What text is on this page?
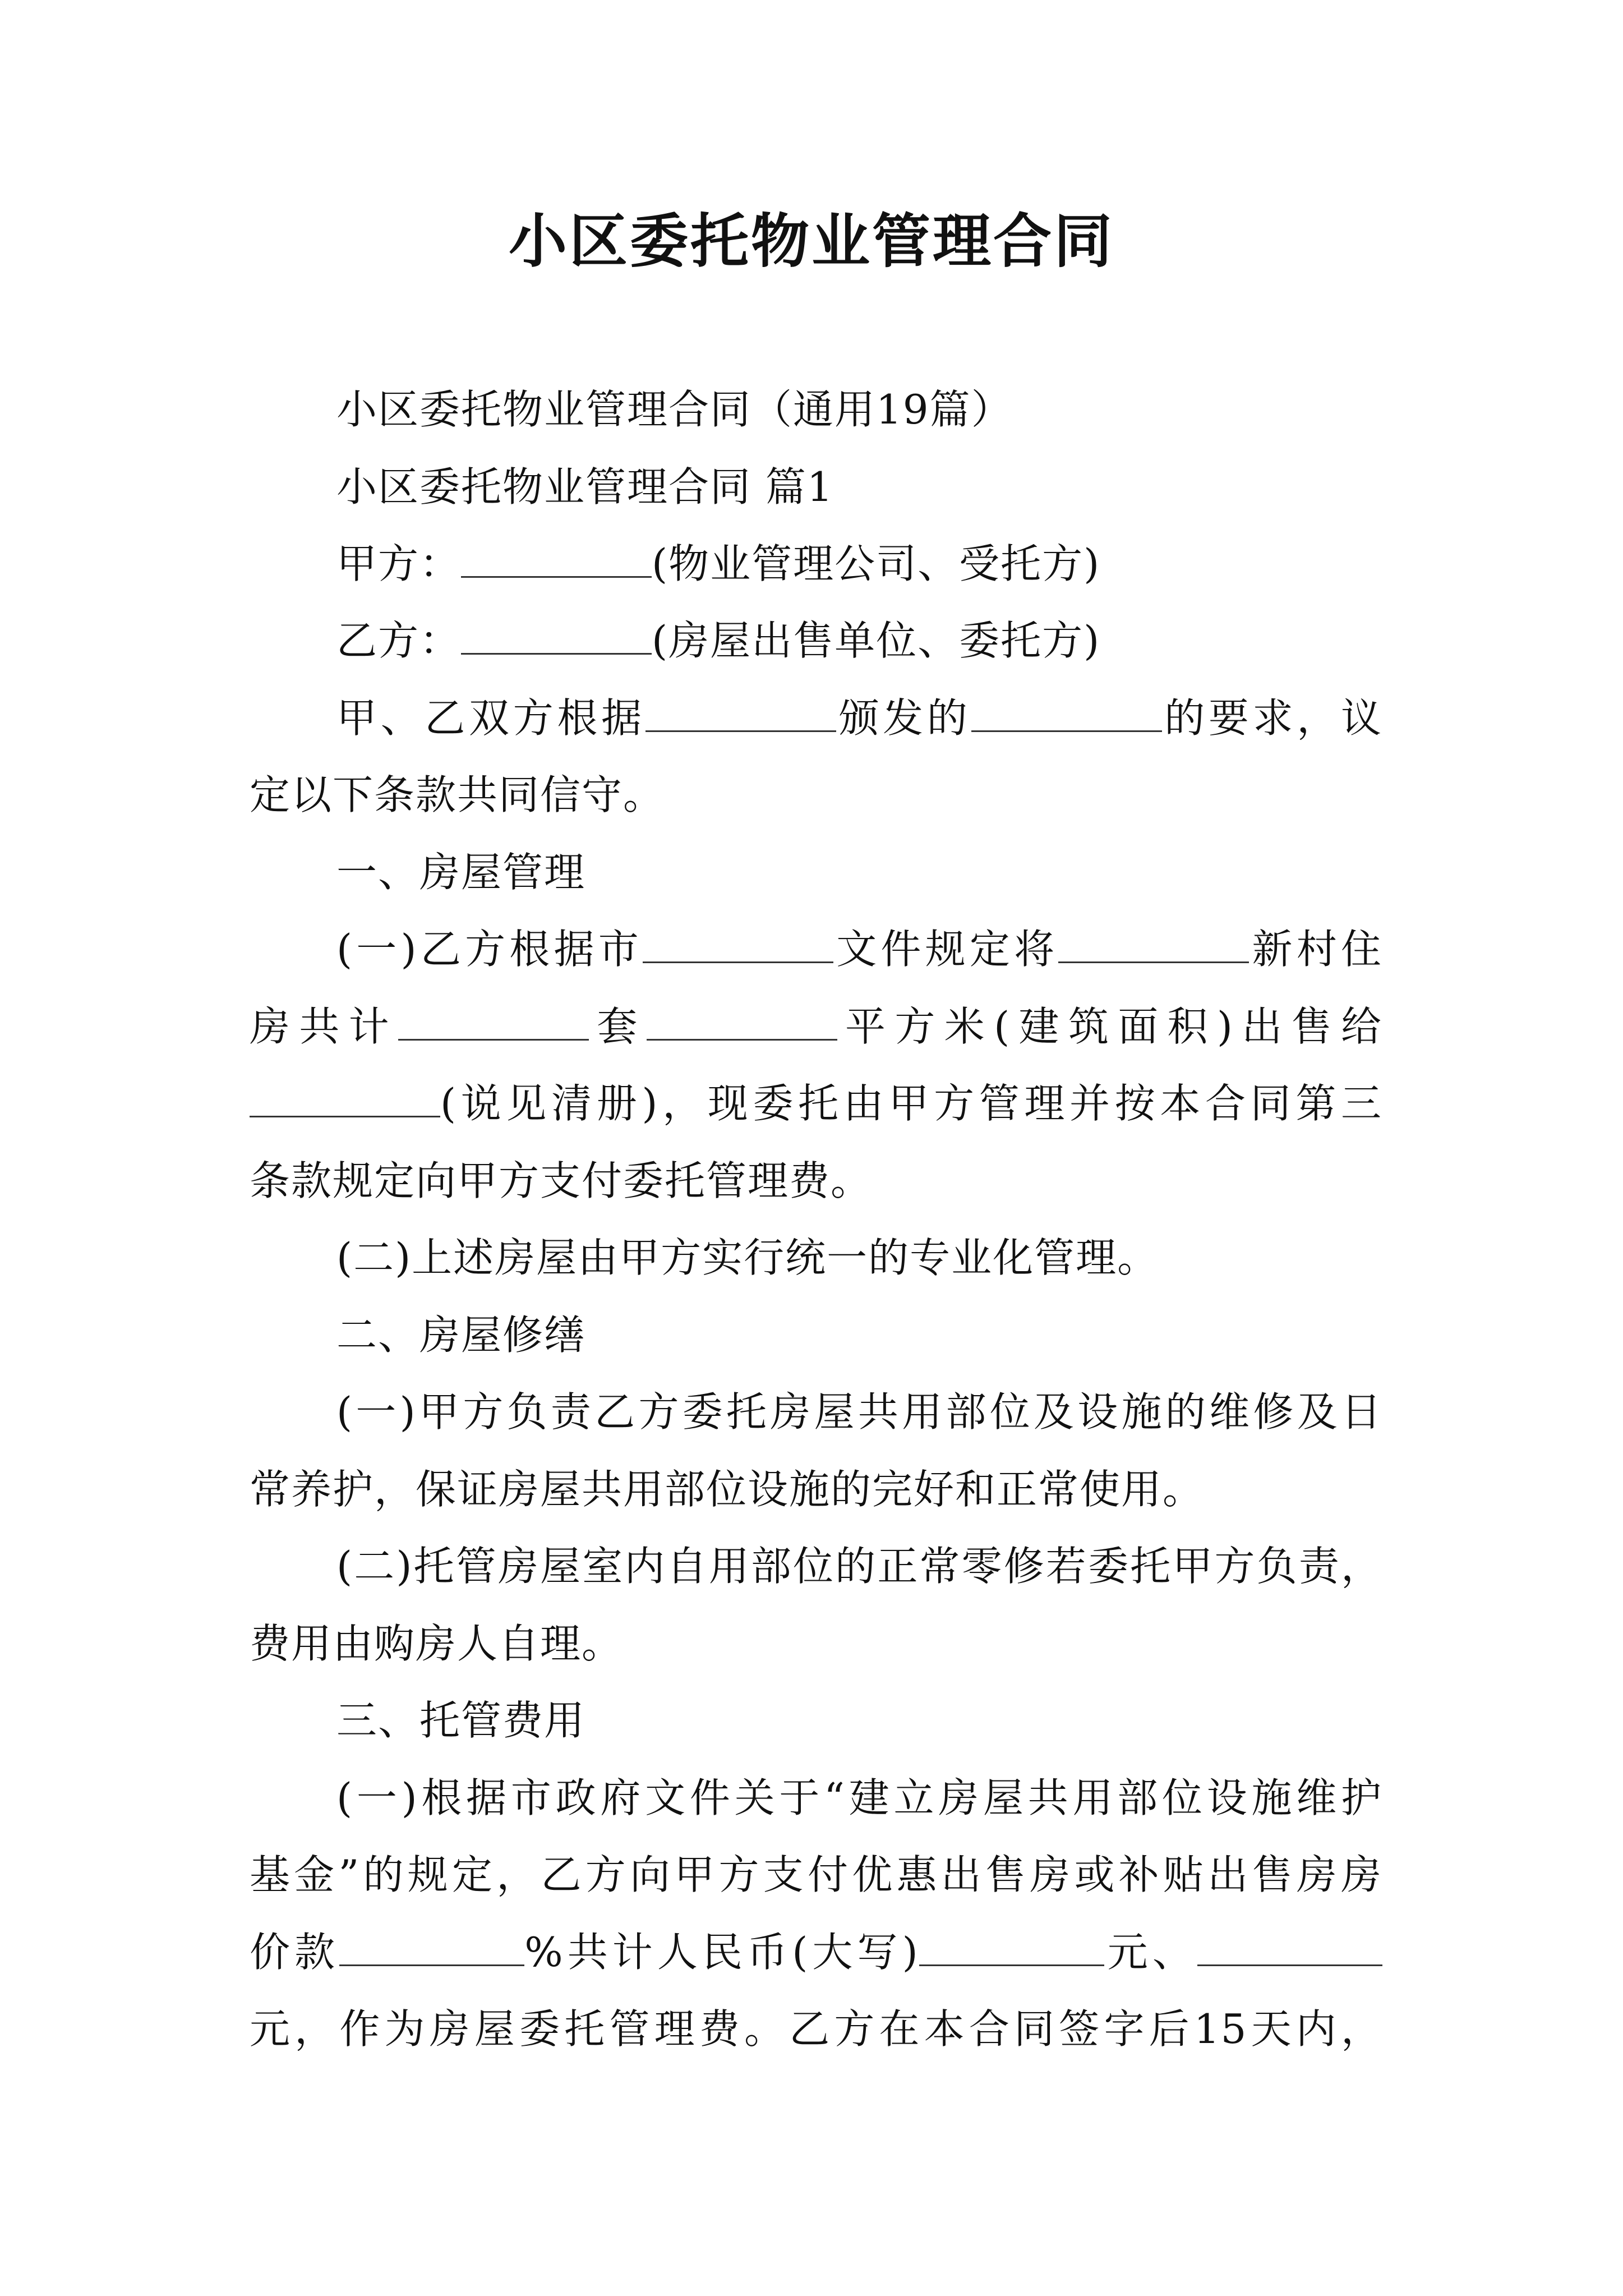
小区委托物业管理合同
小区委托物业管理合同（通用19篇）
小区委托物业管理合同 篇1
甲方：	(物业管理公司、受托方)
乙方：	(房屋出售单位、委托方)
甲、乙双方根据	颁发的	的要求，议
定以下条款共同信守。
一、房屋管理
(一)乙方根据市	文件规定将	新村住
房共计	套	平方米(建筑面积)出售给
(说见清册)，现委托由甲方管理并按本合同第三
条款规定向甲方支付委托管理费。
(二)上述房屋由甲方实行统一的专业化管理。
二、房屋修缮
(一)甲方负责乙方委托房屋共用部位及设施的维修及日
常养护，保证房屋共用部位设施的完好和正常使用。
(二)托管房屋室内自用部位的正常零修若委托甲方负责，
费用由购房人自理。
三、托管费用
(一)根据市政府文件关于“建立房屋共用部位设施维护
基金”的规定，乙方向甲方支付优惠出售房或补贴出售房房
价款	%共计人民币(大写)	元、
元，作为房屋委托管理费。乙方在本合同签字后15天内，
